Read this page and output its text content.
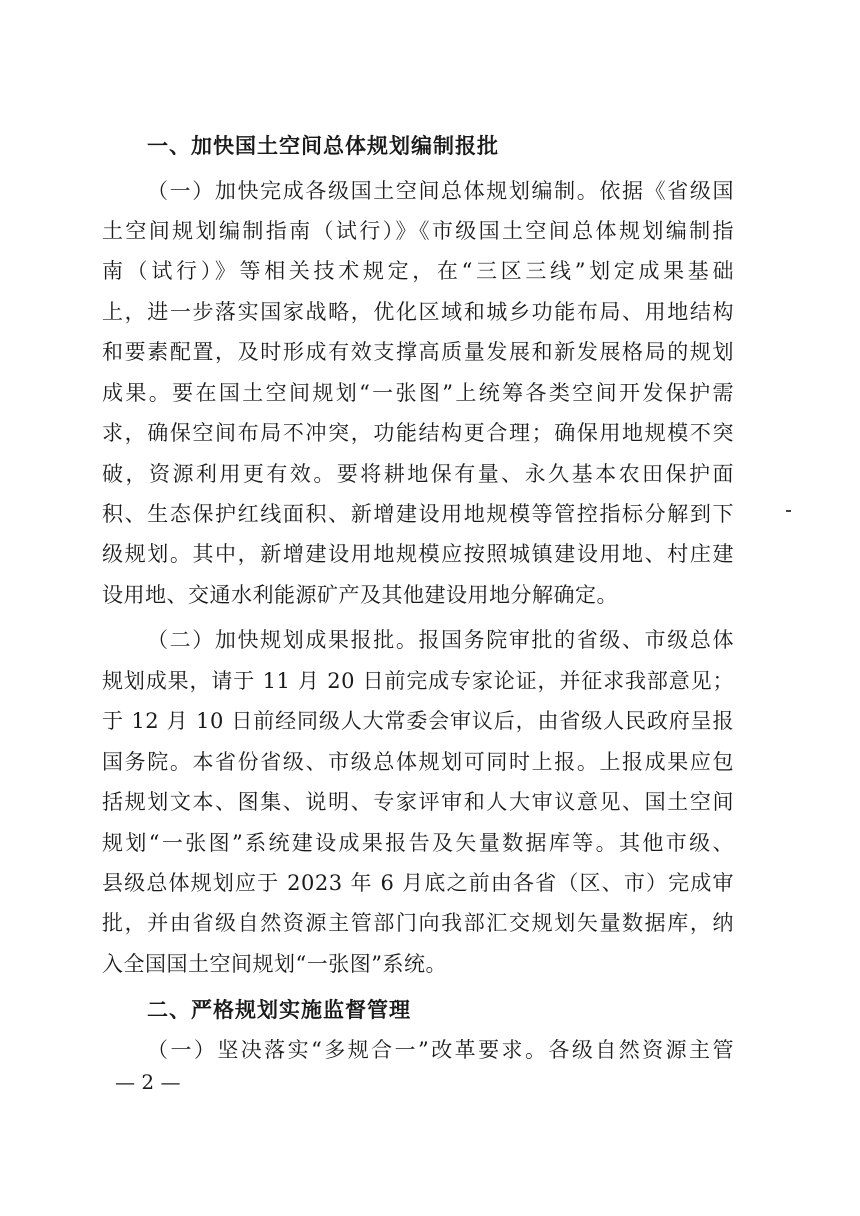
一、加快国土空间总体规划编制报批
（一）加快完成各级国土空间总体规划编制。依据《省级国
土空间规划编制指南（试行）》《市级国土空间总体规划编制指
南（试行）》等相关技术规定，在“三区三线”划定成果基础
上，进一步落实国家战略，优化区域和城乡功能布局、用地结构
和要素配置，及时形成有效支撑高质量发展和新发展格局的规划
成果。要在国土空间规划“一张图”上统筹各类空间开发保护需
求，确保空间布局不冲突，功能结构更合理；确保用地规模不突
破，资源利用更有效。要将耕地保有量、永久基本农田保护面
积、生态保护红线面积、新增建设用地规模等管控指标分解到下
级规划。其中，新增建设用地规模应按照城镇建设用地、村庄建
设用地、交通水利能源矿产及其他建设用地分解确定。
（二）加快规划成果报批。报国务院审批的省级、市级总体
规划成果，请于 11 月 20 日前完成专家论证，并征求我部意见；
于 12 月 10 日前经同级人大常委会审议后，由省级人民政府呈报
国务院。本省份省级、市级总体规划可同时上报。上报成果应包
括规划文本、图集、说明、专家评审和人大审议意见、国土空间
规划“一张图”系统建设成果报告及矢量数据库等。其他市级、
县级总体规划应于 2023 年 6 月底之前由各省（区、市）完成审
批，并由省级自然资源主管部门向我部汇交规划矢量数据库，纳
入全国国土空间规划“一张图”系统。
二、严格规划实施监督管理
（一）坚决落实“多规合一”改革要求。各级自然资源主管
— 2 —
